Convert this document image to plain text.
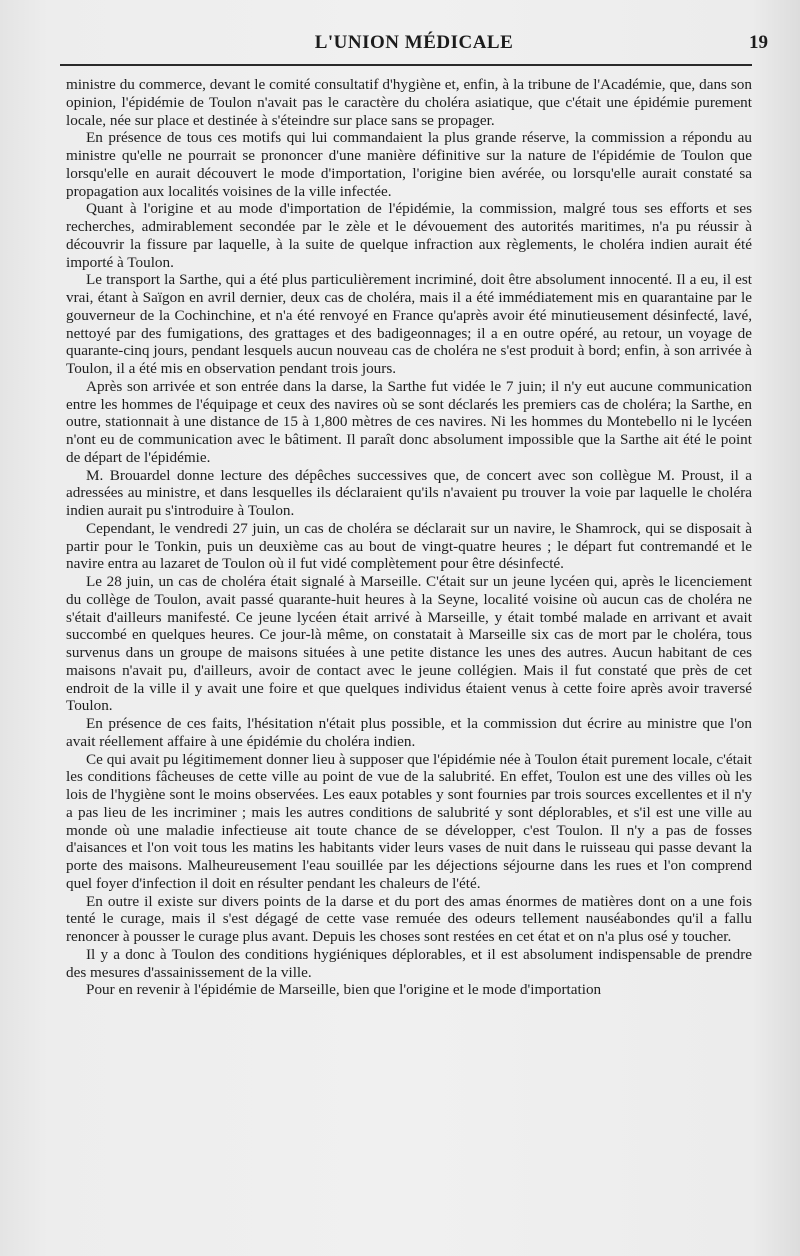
L'UNION MÉDICALE	19

ministre du commerce, devant le comité consultatif d'hygiène et, enfin, à la tribune de l'Académie, que, dans son opinion, l'épidémie de Toulon n'avait pas le caractère du choléra asiatique, que c'était une épidémie purement locale, née sur place et destinée à s'éteindre sur place sans se propager.

En présence de tous ces motifs qui lui commandaient la plus grande réserve, la commission a répondu au ministre qu'elle ne pourrait se prononcer d'une manière définitive sur la nature de l'épidémie de Toulon que lorsqu'elle en aurait découvert le mode d'importation, l'origine bien avérée, ou lorsqu'elle aurait constaté sa propagation aux localités voisines de la ville infectée.

Quant à l'origine et au mode d'importation de l'épidémie, la commission, malgré tous ses efforts et ses recherches, admirablement secondée par le zèle et le dévouement des autorités maritimes, n'a pu réussir à découvrir la fissure par laquelle, à la suite de quelque infraction aux règlements, le choléra indien aurait été importé à Toulon.

Le transport la Sarthe, qui a été plus particulièrement incriminé, doit être absolument innocenté. Il a eu, il est vrai, étant à Saïgon en avril dernier, deux cas de choléra, mais il a été immédiatement mis en quarantaine par le gouverneur de la Cochinchine, et n'a été renvoyé en France qu'après avoir été minutieusement désinfecté, lavé, nettoyé par des fumigations, des grattages et des badigeonnages; il a en outre opéré, au retour, un voyage de quarante-cinq jours, pendant lesquels aucun nouveau cas de choléra ne s'est produit à bord; enfin, à son arrivée à Toulon, il a été mis en observation pendant trois jours.

Après son arrivée et son entrée dans la darse, la Sarthe fut vidée le 7 juin; il n'y eut aucune communication entre les hommes de l'équipage et ceux des navires où se sont déclarés les premiers cas de choléra; la Sarthe, en outre, stationnait à une distance de 15 à 1,800 mètres de ces navires. Ni les hommes du Montebello ni le lycéen n'ont eu de communication avec le bâtiment. Il paraît donc absolument impossible que la Sarthe ait été le point de départ de l'épidémie.

M. Brouardel donne lecture des dépêches successives que, de concert avec son collègue M. Proust, il a adressées au ministre, et dans lesquelles ils déclaraient qu'ils n'avaient pu trouver la voie par laquelle le choléra indien aurait pu s'introduire à Toulon.

Cependant, le vendredi 27 juin, un cas de choléra se déclarait sur un navire, le Shamrock, qui se disposait à partir pour le Tonkin, puis un deuxième cas au bout de vingt-quatre heures ; le départ fut contremandé et le navire entra au lazaret de Toulon où il fut vidé complètement pour être désinfecté.

Le 28 juin, un cas de choléra était signalé à Marseille. C'était sur un jeune lycéen qui, après le licenciement du collège de Toulon, avait passé quarante-huit heures à la Seyne, localité voisine où aucun cas de choléra ne s'était d'ailleurs manifesté. Ce jeune lycéen était arrivé à Marseille, y était tombé malade en arrivant et avait succombé en quelques heures. Ce jour-là même, on constatait à Marseille six cas de mort par le choléra, tous survenus dans un groupe de maisons situées à une petite distance les unes des autres. Aucun habitant de ces maisons n'avait pu, d'ailleurs, avoir de contact avec le jeune collégien. Mais il fut constaté que près de cet endroit de la ville il y avait une foire et que quelques individus étaient venus à cette foire après avoir traversé Toulon.

En présence de ces faits, l'hésitation n'était plus possible, et la commission dut écrire au ministre que l'on avait réellement affaire à une épidémie du choléra indien.

Ce qui avait pu légitimement donner lieu à supposer que l'épidémie née à Toulon était purement locale, c'était les conditions fâcheuses de cette ville au point de vue de la salubrité. En effet, Toulon est une des villes où les lois de l'hygiène sont le moins observées. Les eaux potables y sont fournies par trois sources excellentes et il n'y a pas lieu de les incriminer ; mais les autres conditions de salubrité y sont déplorables, et s'il est une ville au monde où une maladie infectieuse ait toute chance de se développer, c'est Toulon. Il n'y a pas de fosses d'aisances et l'on voit tous les matins les habitants vider leurs vases de nuit dans le ruisseau qui passe devant la porte des maisons. Malheureusement l'eau souillée par les déjections séjourne dans les rues et l'on comprend quel foyer d'infection il doit en résulter pendant les chaleurs de l'été.

En outre il existe sur divers points de la darse et du port des amas énormes de matières dont on a une fois tenté le curage, mais il s'est dégagé de cette vase remuée des odeurs tellement nauséabondes qu'il a fallu renoncer à pousser le curage plus avant. Depuis les choses sont restées en cet état et on n'a plus osé y toucher.

Il y a donc à Toulon des conditions hygiéniques déplorables, et il est absolument indispensable de prendre des mesures d'assainissement de la ville.

Pour en revenir à l'épidémie de Marseille, bien que l'origine et le mode d'importation
